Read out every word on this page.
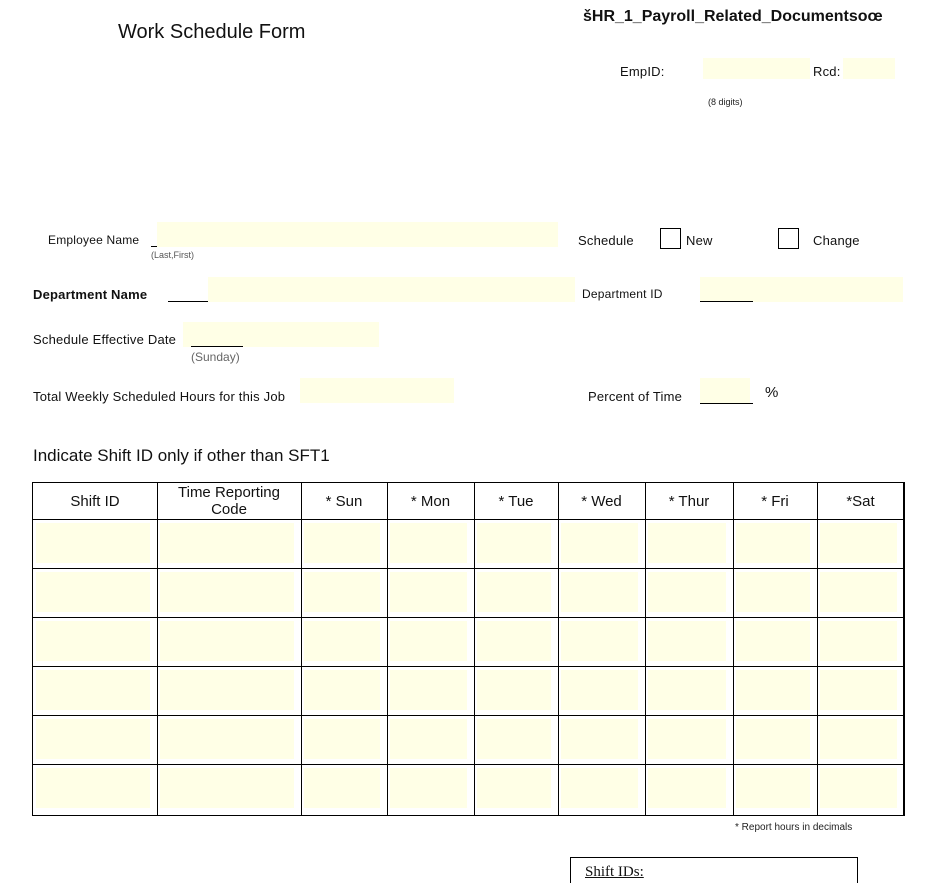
Work Schedule Form
šHR_1_Payroll_Related_Documentsoœ
EmpID:	Rcd:
(8 digits)
Employee Name
(Last,First)
Schedule	New	Change
Department Name	Department ID
Schedule Effective Date
(Sunday)
Total Weekly Scheduled Hours for this Job	Percent of Time	%
Indicate Shift ID only if other than SFT1
Shift ID	Time Reporting Code	* Sun	* Mon	* Tue	* Wed	* Thur	* Fri	*Sat
* Report hours in decimals
Shift IDs:
